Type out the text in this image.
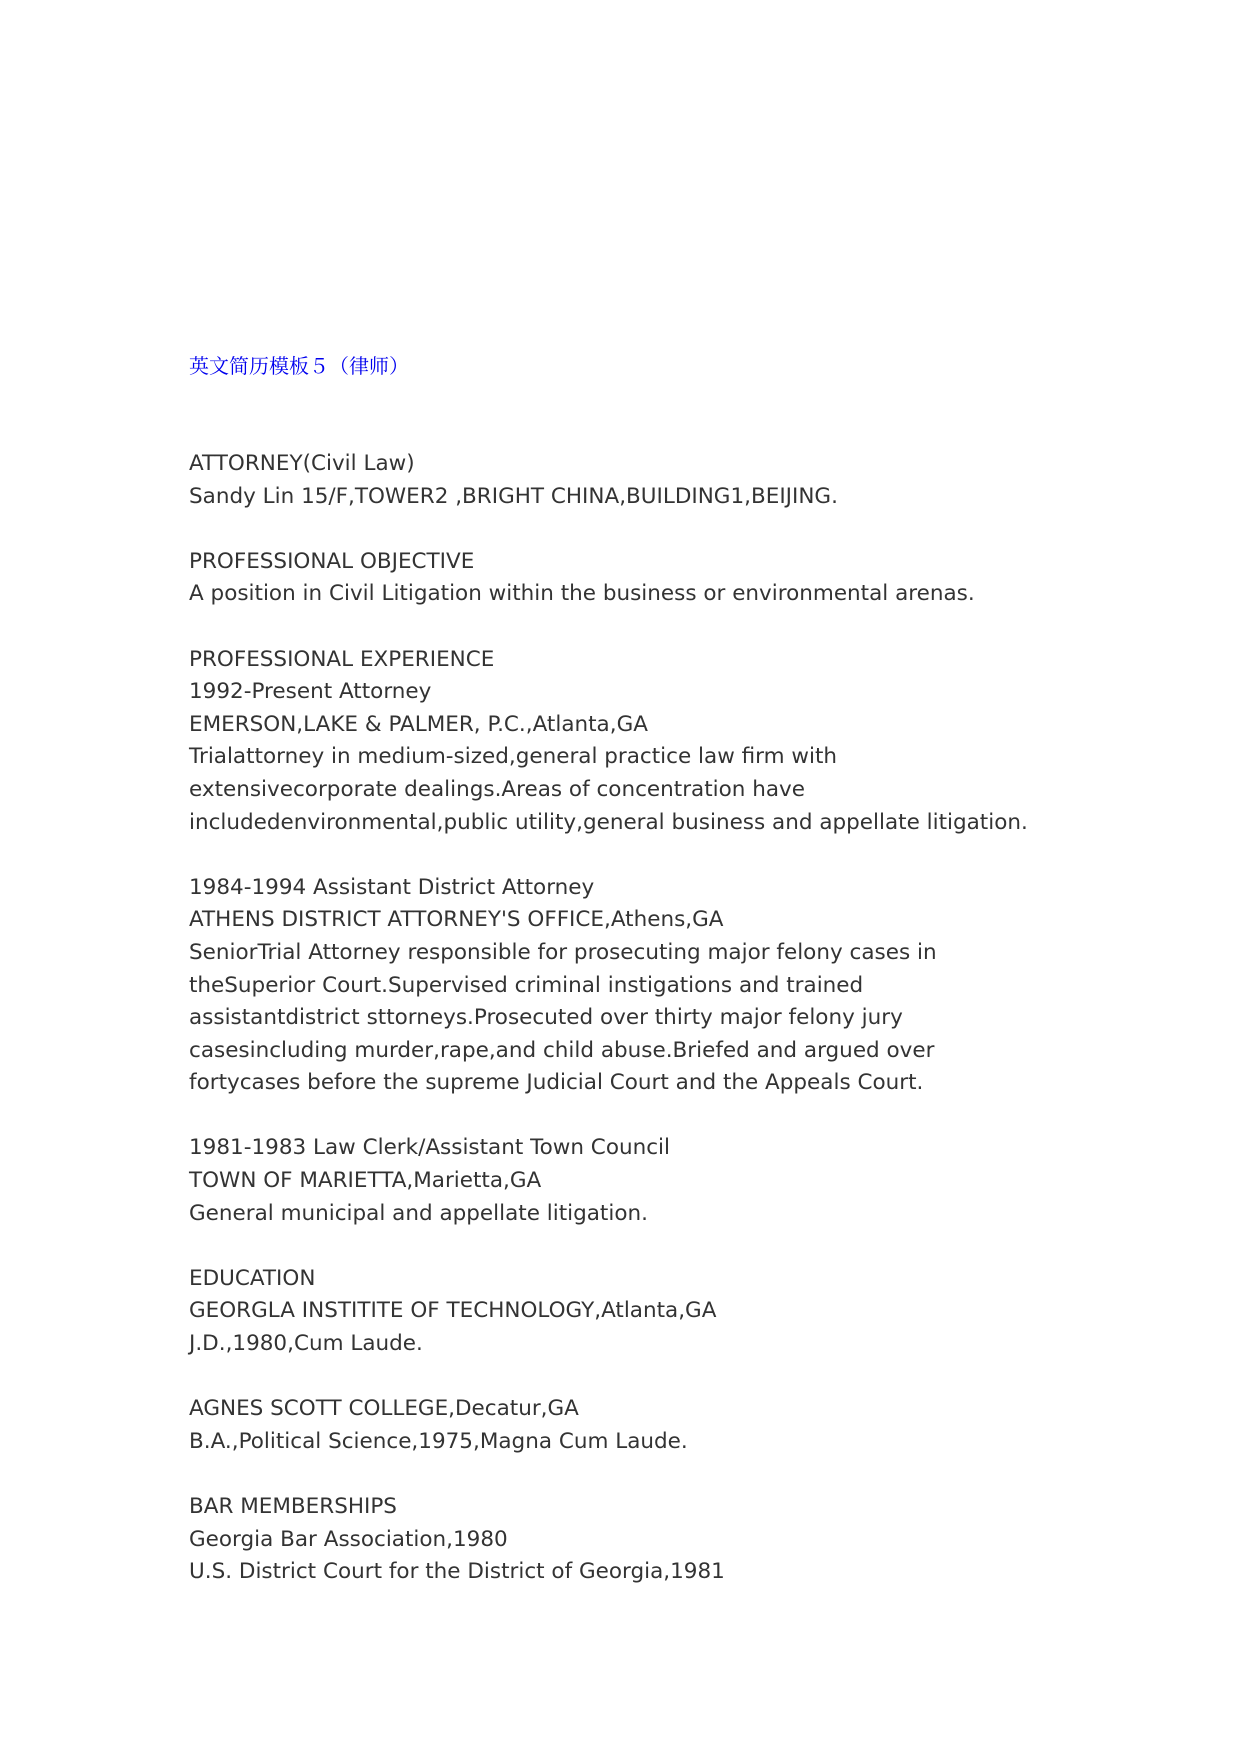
英文简历模板５（律师）
ATTORNEY(Civil Law)
Sandy Lin 15/F,TOWER2 ,BRIGHT CHINA,BUILDING1,BEIJING.
PROFESSIONAL OBJECTIVE
A position in Civil Litigation within the business or environmental arenas.
PROFESSIONAL EXPERIENCE
1992-Present Attorney
EMERSON,LAKE & PALMER, P.C.,Atlanta,GA
Trialattorney in medium-sized,general practice law firm with
extensivecorporate dealings.Areas of concentration have
includedenvironmental,public utility,general business and appellate litigation.
1984-1994 Assistant District Attorney
ATHENS DISTRICT ATTORNEY'S OFFICE,Athens,GA
SeniorTrial Attorney responsible for prosecuting major felony cases in
theSuperior Court.Supervised criminal instigations and trained
assistantdistrict sttorneys.Prosecuted over thirty major felony jury
casesincluding murder,rape,and child abuse.Briefed and argued over
fortycases before the supreme Judicial Court and the Appeals Court.
1981-1983 Law Clerk/Assistant Town Council
TOWN OF MARIETTA,Marietta,GA
General municipal and appellate litigation.
EDUCATION
GEORGLA INSTITITE OF TECHNOLOGY,Atlanta,GA
J.D.,1980,Cum Laude.
AGNES SCOTT COLLEGE,Decatur,GA
B.A.,Political Science,1975,Magna Cum Laude.
BAR MEMBERSHIPS
Georgia Bar Association,1980
U.S. District Court for the District of Georgia,1981
